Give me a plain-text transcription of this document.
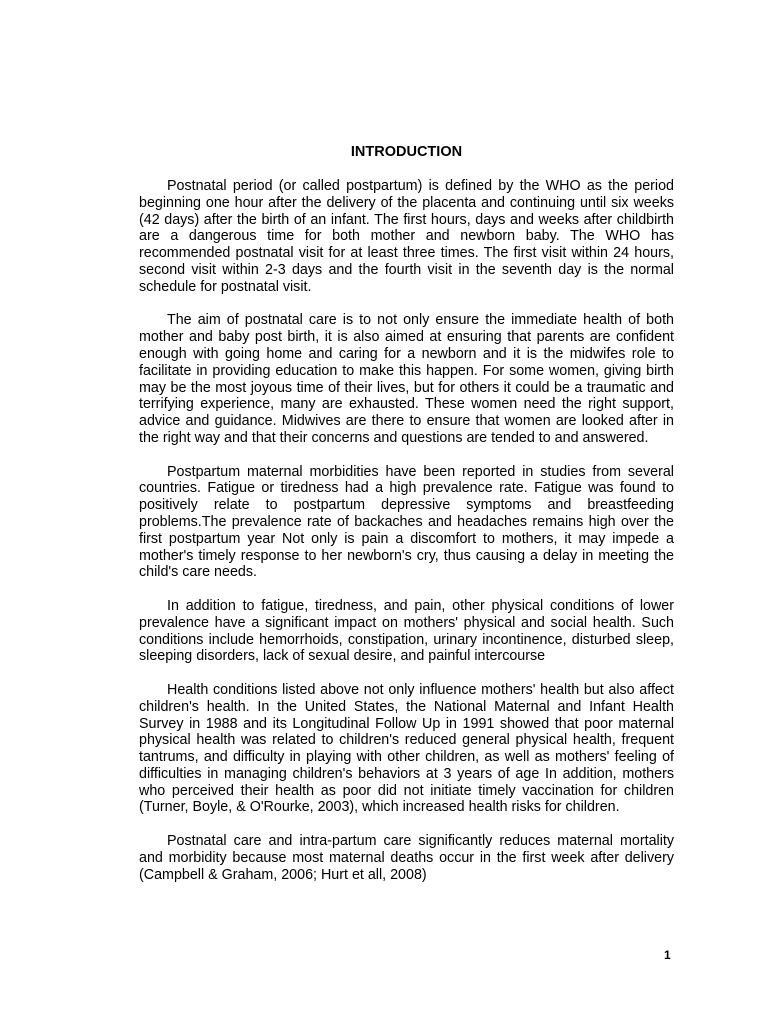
INTRODUCTION

Postnatal period (or called postpartum) is defined by the WHO as the period beginning one hour after the delivery of the placenta and continuing until six weeks (42 days) after the birth of an infant. The first hours, days and weeks after childbirth are a dangerous time for both mother and newborn baby. The WHO has recommended postnatal visit for at least three times. The first visit within 24 hours, second visit within 2-3 days and the fourth visit in the seventh day is the normal schedule for postnatal visit.

The aim of postnatal care is to not only ensure the immediate health of both mother and baby post birth, it is also aimed at ensuring that parents are confident enough with going home and caring for a newborn and it is the midwifes role to facilitate in providing education to make this happen. For some women, giving birth may be the most joyous time of their lives, but for others it could be a traumatic and terrifying experience, many are exhausted. These women need the right support, advice and guidance. Midwives are there to ensure that women are looked after in the right way and that their concerns and questions are tended to and answered.

Postpartum maternal morbidities have been reported in studies from several countries. Fatigue or tiredness had a high prevalence rate. Fatigue was found to positively relate to postpartum depressive symptoms and breastfeeding problems.The prevalence rate of backaches and headaches remains high over the first postpartum year Not only is pain a discomfort to mothers, it may impede a mother's timely response to her newborn's cry, thus causing a delay in meeting the child's care needs.

In addition to fatigue, tiredness, and pain, other physical conditions of lower prevalence have a significant impact on mothers' physical and social health. Such conditions include hemorrhoids, constipation, urinary incontinence, disturbed sleep, sleeping disorders, lack of sexual desire, and painful intercourse

Health conditions listed above not only influence mothers' health but also affect children's health. In the United States, the National Maternal and Infant Health Survey in 1988 and its Longitudinal Follow Up in 1991 showed that poor maternal physical health was related to children's reduced general physical health, frequent tantrums, and difficulty in playing with other children, as well as mothers' feeling of difficulties in managing children's behaviors at 3 years of age In addition, mothers who perceived their health as poor did not initiate timely vaccination for children (Turner, Boyle, & O'Rourke, 2003), which increased health risks for children.

Postnatal care and intra-partum care significantly reduces maternal mortality and morbidity because most maternal deaths occur in the first week after delivery (Campbell & Graham, 2006; Hurt et all, 2008)

1
